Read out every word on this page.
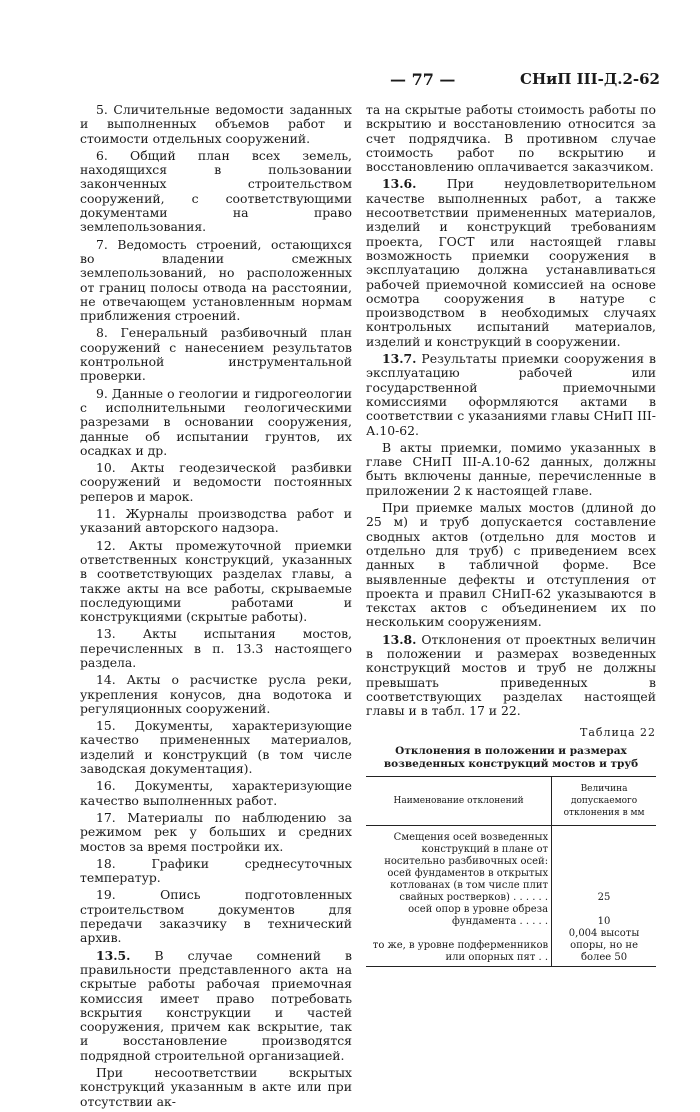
— 77 —	СНиП III-Д.2-62

5. Сличительные ведомости заданных и выполненных объемов работ и стоимости отдельных сооружений.

6. Общий план всех земель, находящихся в пользовании законченных строительством сооружений, с соответствующими документами на право землепользования.

7. Ведомость строений, остающихся во владении смежных землепользований, но расположенных от границ полосы отвода на расстоянии, не отвечающем установленным нормам приближения строений.

8. Генеральный разбивочный план сооружений с нанесением результатов контрольной инструментальной проверки.

9. Данные о геологии и гидрогеологии с исполнительными геологическими разрезами в основании сооружения, данные об испытании грунтов, их осадках и др.

10. Акты геодезической разбивки сооружений и ведомости постоянных реперов и марок.

11. Журналы производства работ и указаний авторского надзора.

12. Акты промежуточной приемки ответственных конструкций, указанных в соответствующих разделах главы, а также акты на все работы, скрываемые последующими работами и конструкциями (скрытые работы).

13. Акты испытания мостов, перечисленных в п. 13.3 настоящего раздела.

14. Акты о расчистке русла реки, укрепления конусов, дна водотока и регуляционных сооружений.

15. Документы, характеризующие качество примененных материалов, изделий и конструкций (в том числе заводская документация).

16. Документы, характеризующие качество выполненных работ.

17. Материалы по наблюдению за режимом рек у больших и средних мостов за время постройки их.

18. Графики среднесуточных температур.

19. Опись подготовленных строительством документов для передачи заказчику в технический архив.

13.5. В случае сомнений в правильности представленного акта на скрытые работы рабочая приемочная комиссия имеет право потребовать вскрытия конструкции и частей сооружения, причем как вскрытие, так и восстановление производятся подрядной строительной организацией.

При несоответствии вскрытых конструкций указанным в акте или при отсутствии ак-

та на скрытые работы стоимость работы по вскрытию и восстановлению относится за счет подрядчика. В противном случае стоимость работ по вскрытию и восстановлению оплачивается заказчиком.

13.6. При неудовлетворительном качестве выполненных работ, а также несоответствии примененных материалов, изделий и конструкций требованиям проекта, ГОСТ или настоящей главы возможность приемки сооружения в эксплуатацию должна устанавливаться рабочей приемочной комиссией на основе осмотра сооружения в натуре с производством в необходимых случаях контрольных испытаний материалов, изделий и конструкций в сооружении.

13.7. Результаты приемки сооружения в эксплуатацию рабочей или государственной приемочными комиссиями оформляются актами в соответствии с указаниями главы СНиП III-А.10-62.

В акты приемки, помимо указанных в главе СНиП III-А.10-62 данных, должны быть включены данные, перечисленные в приложении 2 к настоящей главе.

При приемке малых мостов (длиной до 25 м) и труб допускается составление сводных актов (отдельно для мостов и отдельно для труб) с приведением всех данных в табличной форме. Все выявленные дефекты и отступления от проекта и правил СНиП-62 указываются в текстах актов с объединением их по нескольким сооружениям.

13.8. Отклонения от проектных величин в положении и размерах возведенных конструкций мостов и труб не должны превышать приведенных в соответствующих разделах настоящей главы и в табл. 17 и 22.

Таблица 22
Отклонения в положении и размерах возведенных конструкций мостов и труб
Наименование отклонений	Величина допускаемого отклонения в мм

Смещения осей возведенных конструкций в плане от носительно разбивочных осей:	
осей фундаментов в открытых котлованах (в том числе плит свайных ростверков) . . . . . .	25
осей опор в уровне обреза фундамента . . . . .	10
то же, в уровне подферменников или опорных пят . .	0,004 высоты опоры, но не более 50
